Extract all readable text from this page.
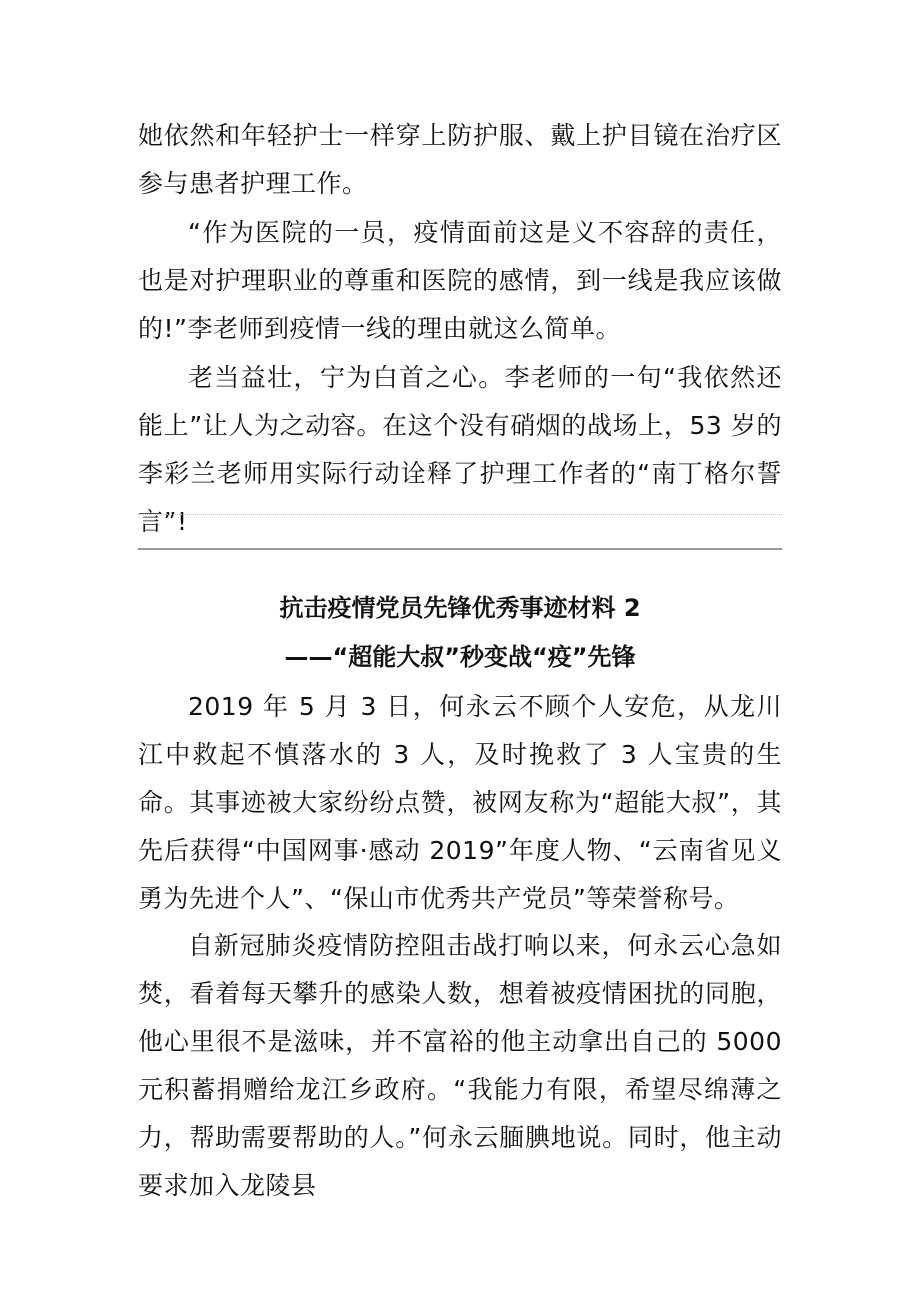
她依然和年轻护士一样穿上防护服、戴上护目镜在治疗区参与患者护理工作。

“作为医院的一员，疫情面前这是义不容辞的责任，也是对护理职业的尊重和医院的感情，到一线是我应该做的!”李老师到疫情一线的理由就这么简单。

老当益壮，宁为白首之心。李老师的一句“我依然还能上”让人为之动容。在这个没有硝烟的战场上，53 岁的李彩兰老师用实际行动诠释了护理工作者的“南丁格尔誓言”!

抗击疫情党员先锋优秀事迹材料 2
——“超能大叔”秒变战“疫”先锋

2019 年 5 月 3 日，何永云不顾个人安危，从龙川江中救起不慎落水的 3 人，及时挽救了 3 人宝贵的生命。其事迹被大家纷纷点赞，被网友称为“超能大叔”，其先后获得“中国网事·感动 2019”年度人物、“云南省见义勇为先进个人”、“保山市优秀共产党员”等荣誉称号。

自新冠肺炎疫情防控阻击战打响以来，何永云心急如焚，看着每天攀升的感染人数，想着被疫情困扰的同胞，他心里很不是滋味，并不富裕的他主动拿出自己的 5000 元积蓄捐赠给龙江乡政府。“我能力有限，希望尽绵薄之力，帮助需要帮助的人。”何永云腼腆地说。同时，他主动要求加入龙陵县
